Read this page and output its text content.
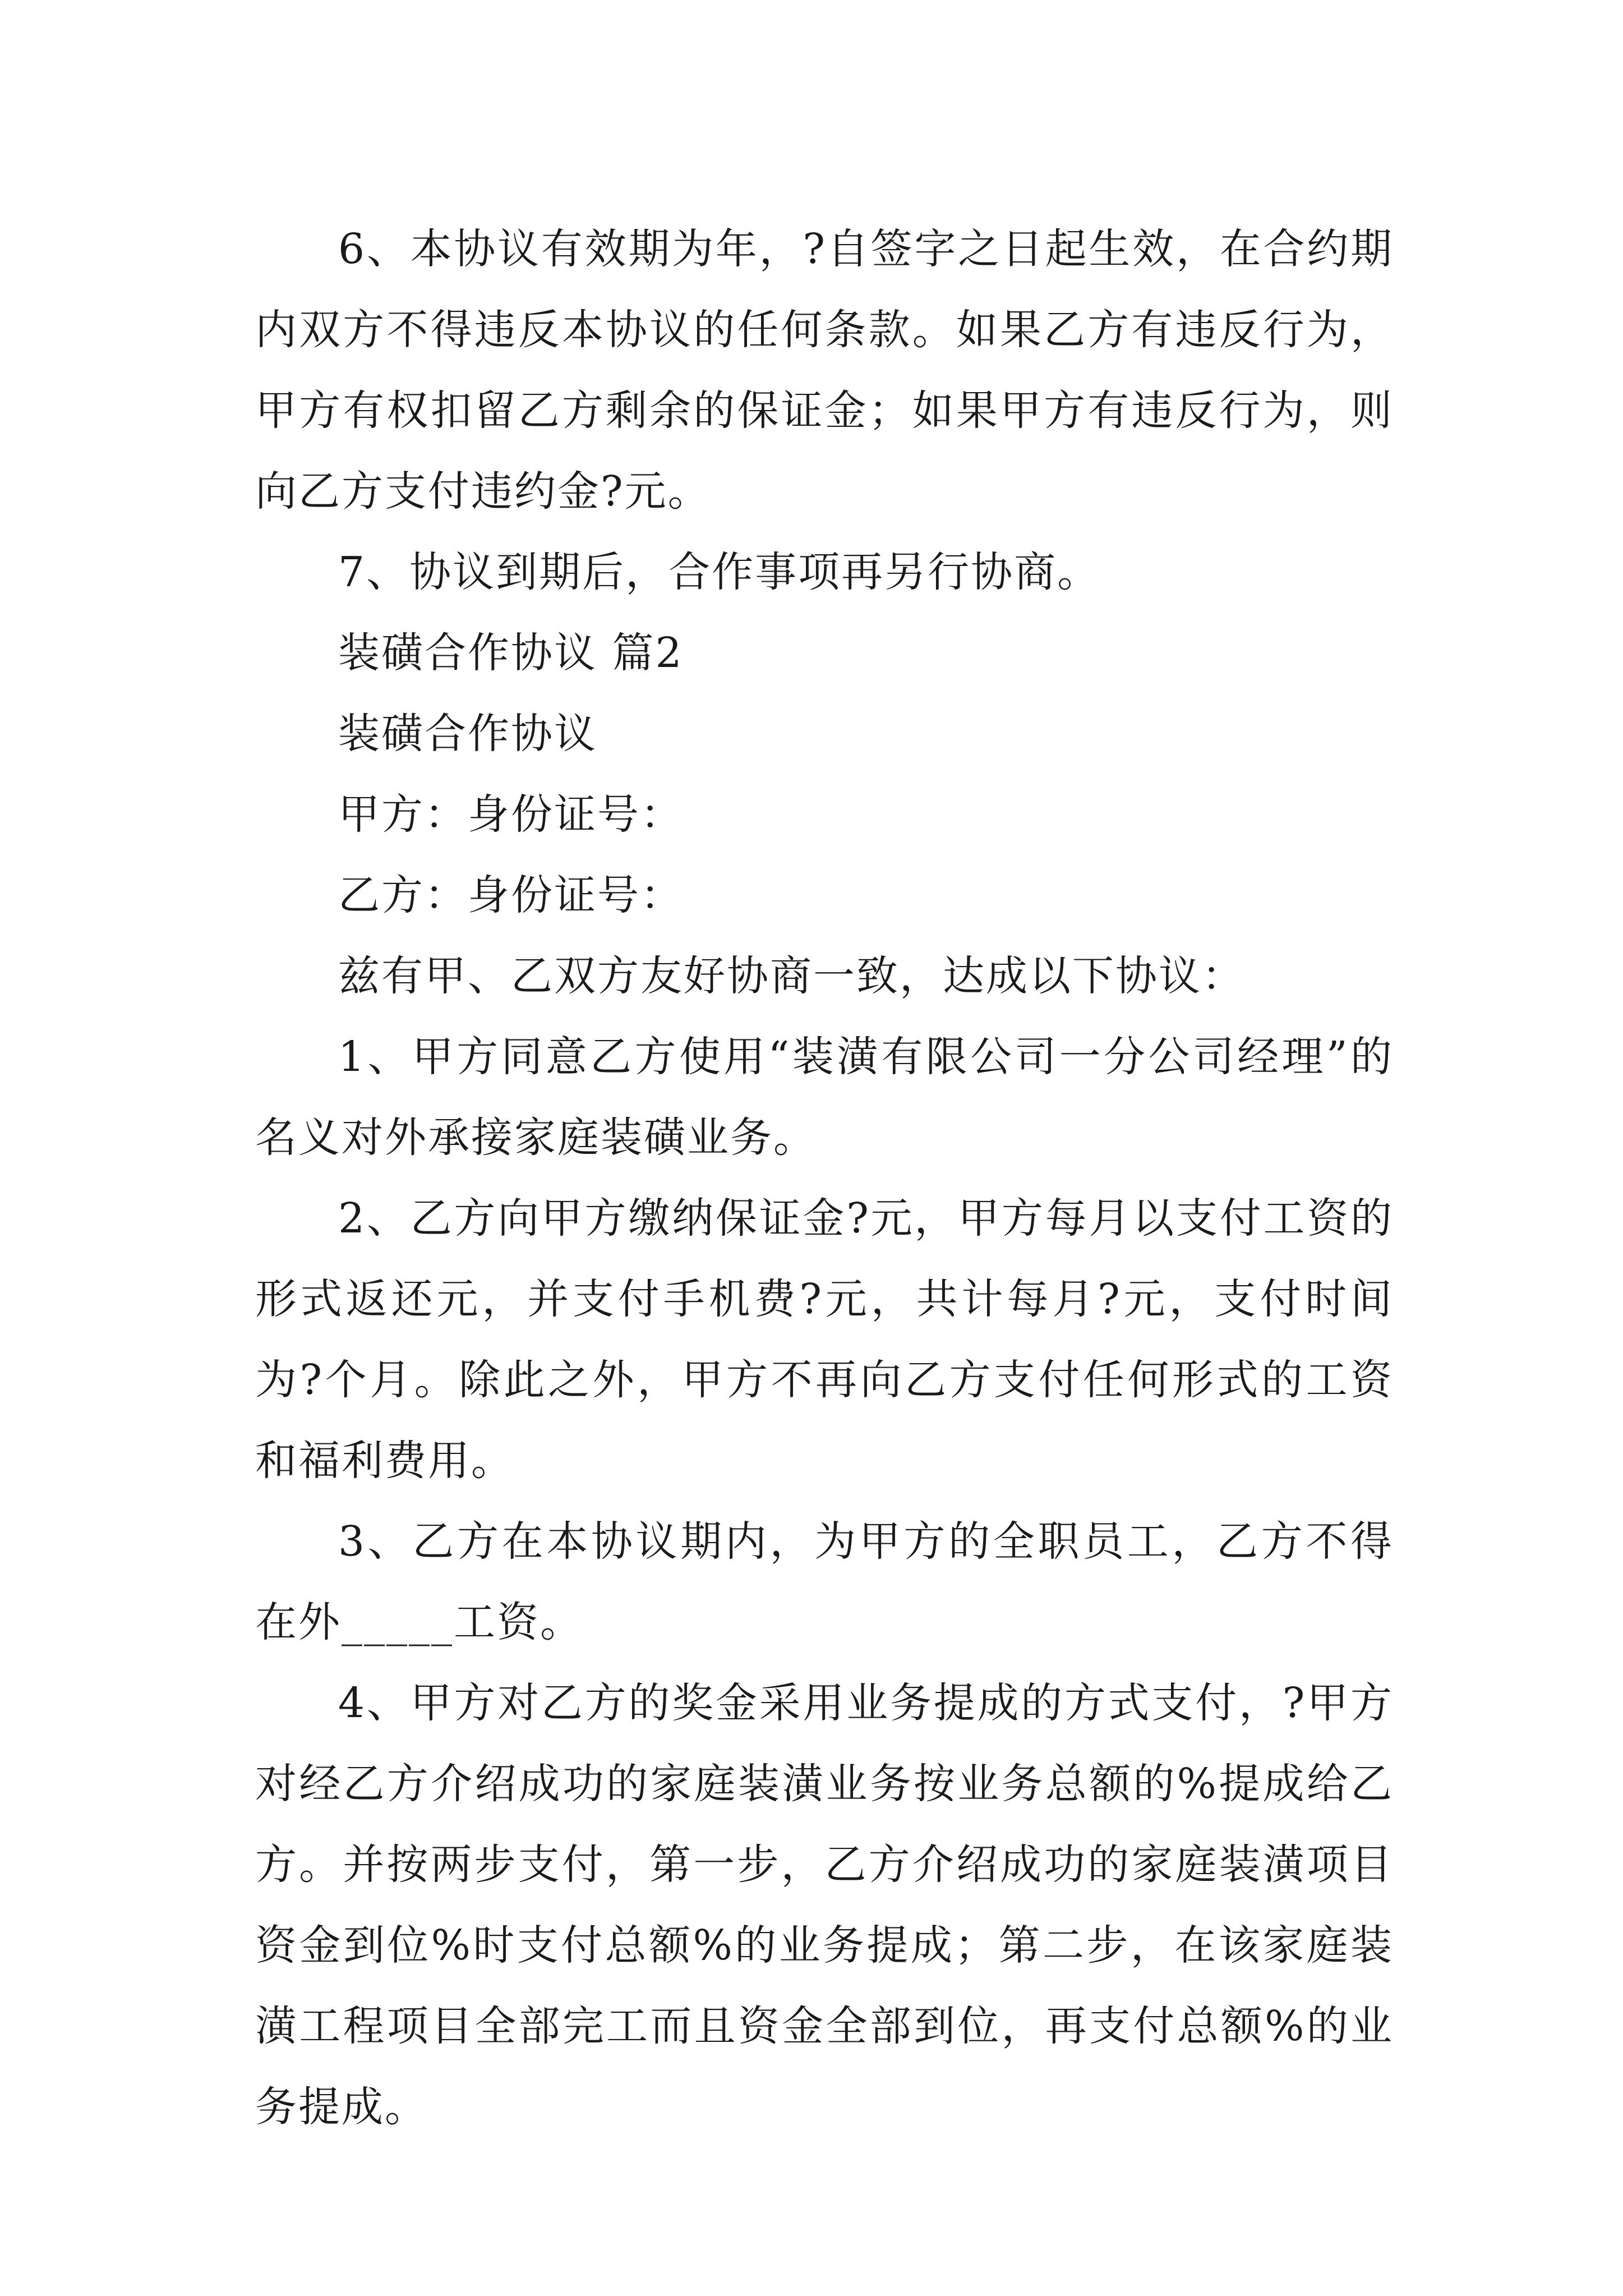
6、本协议有效期为年，?自签字之日起生效，在合约期内双方不得违反本协议的任何条款。如果乙方有违反行为，甲方有权扣留乙方剩余的保证金；如果甲方有违反行为，则向乙方支付违约金?元。

7、协议到期后，合作事项再另行协商。

装磺合作协议 篇2

装磺合作协议

甲方：身份证号：

乙方：身份证号：

兹有甲、乙双方友好协商一致，达成以下协议：

1、甲方同意乙方使用“装潢有限公司一分公司经理”的名义对外承接家庭装磺业务。

2、乙方向甲方缴纳保证金?元，甲方每月以支付工资的形式返还元，并支付手机费?元，共计每月?元，支付时间为?个月。除此之外，甲方不再向乙方支付任何形式的工资和福利费用。

3、乙方在本协议期内，为甲方的全职员工，乙方不得在外_____工资。

4、甲方对乙方的奖金采用业务提成的方式支付，?甲方对经乙方介绍成功的家庭装潢业务按业务总额的%提成给乙方。并按两步支付，第一步，乙方介绍成功的家庭装潢项目资金到位%时支付总额%的业务提成；第二步，在该家庭装潢工程项目全部完工而且资金全部到位，再支付总额%的业务提成。
